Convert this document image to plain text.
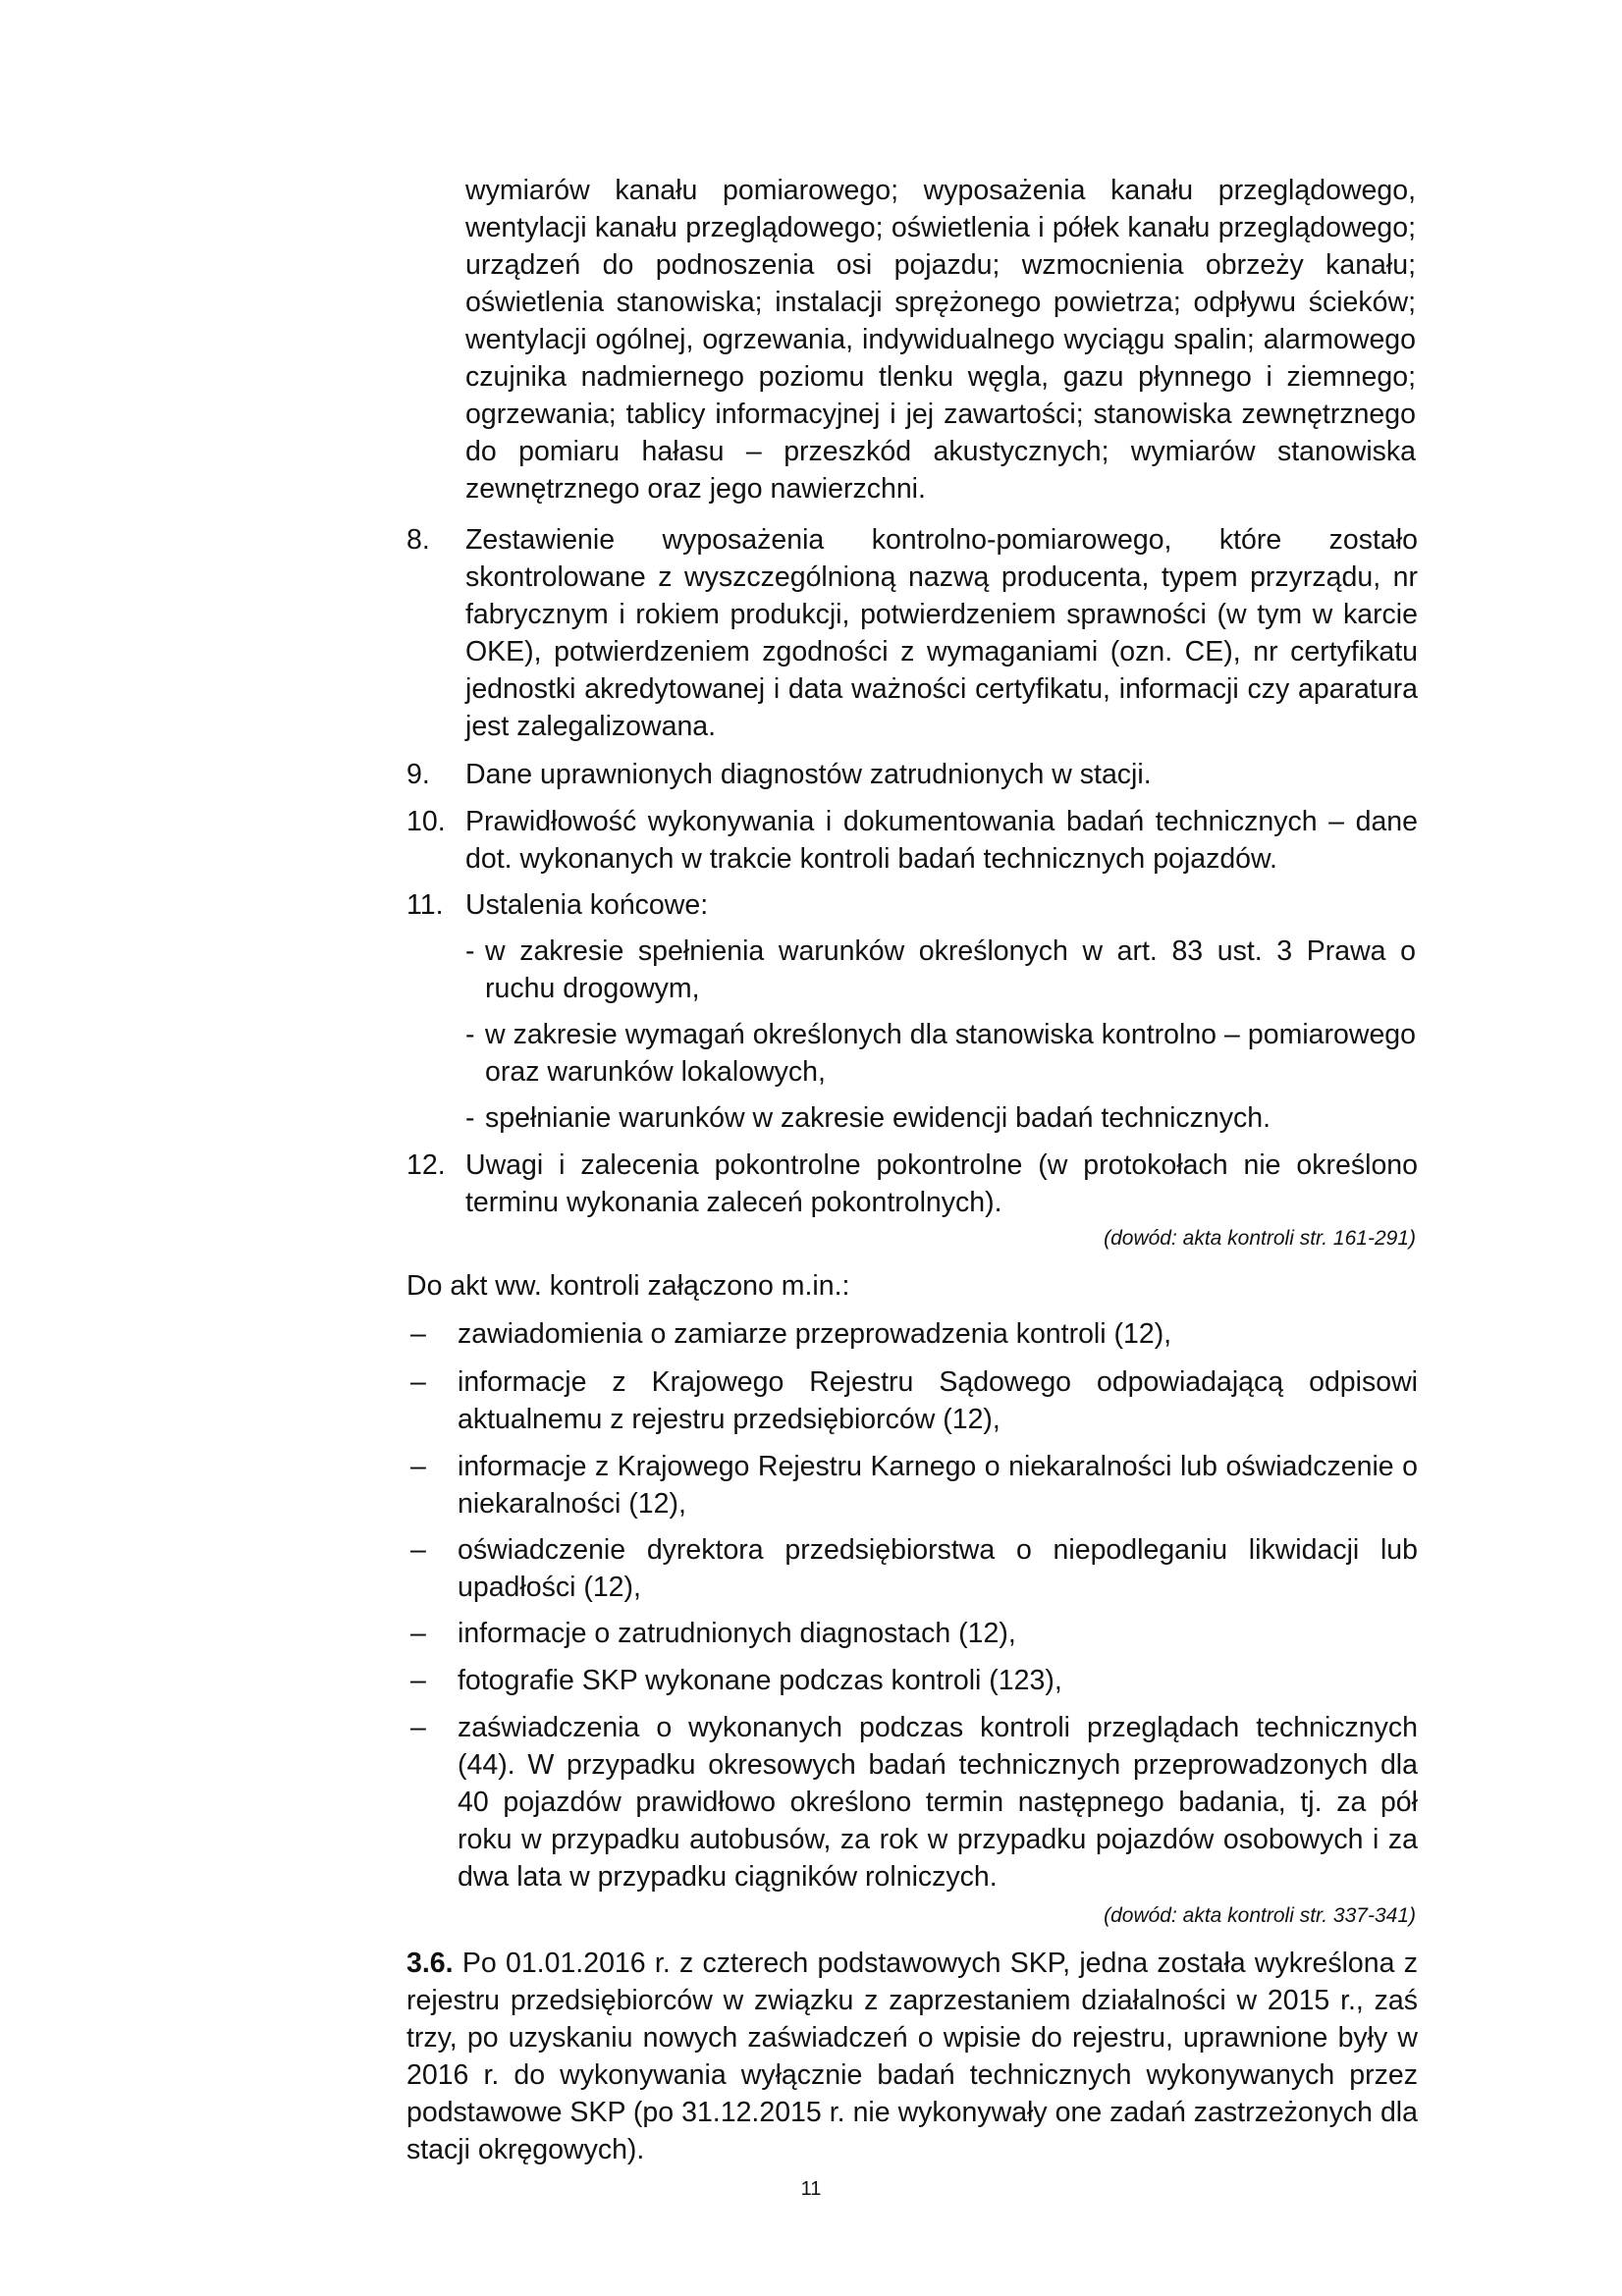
wymiarów kanału pomiarowego; wyposażenia kanału przeglądowego, wentylacji kanału przeglądowego; oświetlenia i półek kanału przeglądowego; urządzeń do podnoszenia osi pojazdu; wzmocnienia obrzeży kanału; oświetlenia stanowiska; instalacji sprężonego powietrza; odpływu ścieków; wentylacji ogólnej, ogrzewania, indywidualnego wyciągu spalin; alarmowego czujnika nadmiernego poziomu tlenku węgla, gazu płynnego i ziemnego; ogrzewania; tablicy informacyjnej i jej zawartości; stanowiska zewnętrznego do pomiaru hałasu – przeszkód akustycznych; wymiarów stanowiska zewnętrznego oraz jego nawierzchni.
8. Zestawienie wyposażenia kontrolno-pomiarowego, które zostało skontrolowane z wyszczególnioną nazwą producenta, typem przyrządu, nr fabrycznym i rokiem produkcji, potwierdzeniem sprawności (w tym w karcie OKE), potwierdzeniem zgodności z wymaganiami (ozn. CE), nr certyfikatu jednostki akredytowanej i data ważności certyfikatu, informacji czy aparatura jest zalegalizowana.
9. Dane uprawnionych diagnostów zatrudnionych w stacji.
10. Prawidłowość wykonywania i dokumentowania badań technicznych – dane dot. wykonanych w trakcie kontroli badań technicznych pojazdów.
11. Ustalenia końcowe:
- w zakresie spełnienia warunków określonych w art. 83 ust. 3 Prawa o ruchu drogowym,
- w zakresie wymagań określonych dla stanowiska kontrolno – pomiarowego oraz warunków lokalowych,
- spełnianie warunków w zakresie ewidencji badań technicznych.
12. Uwagi i zalecenia pokontrolne pokontrolne (w protokołach nie określono terminu wykonania zaleceń pokontrolnych).
(dowód: akta kontroli str. 161-291)
Do akt ww. kontroli załączono m.in.:
– zawiadomienia o zamiarze przeprowadzenia kontroli (12),
– informacje z Krajowego Rejestru Sądowego odpowiadającą odpisowi aktualnemu z rejestru przedsiębiorców (12),
– informacje z Krajowego Rejestru Karnego o niekaralności lub oświadczenie o niekaralności (12),
– oświadczenie dyrektora przedsiębiorstwa o niepodleganiu likwidacji lub upadłości (12),
– informacje o zatrudnionych diagnostach (12),
– fotografie SKP wykonane podczas kontroli (123),
– zaświadczenia o wykonanych podczas kontroli przeglądach technicznych (44). W przypadku okresowych badań technicznych przeprowadzonych dla 40 pojazdów prawidłowo określono termin następnego badania, tj. za pół roku w przypadku autobusów, za rok w przypadku pojazdów osobowych i za dwa lata w przypadku ciągników rolniczych.
(dowód: akta kontroli str. 337-341)
3.6. Po 01.01.2016 r. z czterech podstawowych SKP, jedna została wykreślona z rejestru przedsiębiorców w związku z zaprzestaniem działalności w 2015 r., zaś trzy, po uzyskaniu nowych zaświadczeń o wpisie do rejestru, uprawnione były w 2016 r. do wykonywania wyłącznie badań technicznych wykonywanych przez podstawowe SKP (po 31.12.2015 r. nie wykonywały one zadań zastrzeżonych dla stacji okręgowych).
11
